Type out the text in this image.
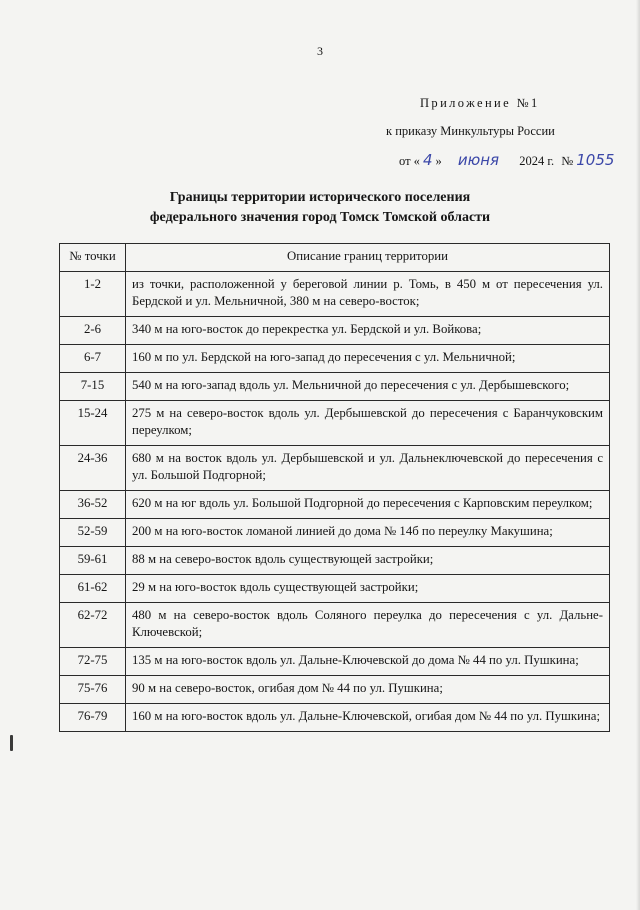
3
Приложение №1
к приказу Минкультуры России
от « 4 » июня 2024 г. № 1055
Границы территории исторического поселения
федерального значения город Томск Томской области
№ точки	Описание границ территории
1-2	из точки, расположенной у береговой линии р. Томь, в 450 м от пересечения ул. Бердской и ул. Мельничной, 380 м на северо-восток;
2-6	340 м на юго-восток до перекрестка ул. Бердской и ул. Войкова;
6-7	160 м по ул. Бердской на юго-запад до пересечения с ул. Мельничной;
7-15	540 м на юго-запад вдоль ул. Мельничной до пересечения с ул. Дербышевского;
15-24	275 м на северо-восток вдоль ул. Дербышевской до пересечения с Баранчуковским переулком;
24-36	680 м на восток вдоль ул. Дербышевской и ул. Дальнеключевской до пересечения с ул. Большой Подгорной;
36-52	620 м на юг вдоль ул. Большой Подгорной до пересечения с Карповским переулком;
52-59	200 м на юго-восток ломаной линией до дома № 14б по переулку Макушина;
59-61	88 м на северо-восток вдоль существующей застройки;
61-62	29 м на юго-восток вдоль существующей застройки;
62-72	480 м на северо-восток вдоль Соляного переулка до пересечения с ул. Дальне-Ключевской;
72-75	135 м на юго-восток вдоль ул. Дальне-Ключевской до дома № 44 по ул. Пушкина;
75-76	90 м на северо-восток, огибая дом № 44 по ул. Пушкина;
76-79	160 м на юго-восток вдоль ул. Дальне-Ключевской, огибая дом № 44 по ул. Пушкина;
